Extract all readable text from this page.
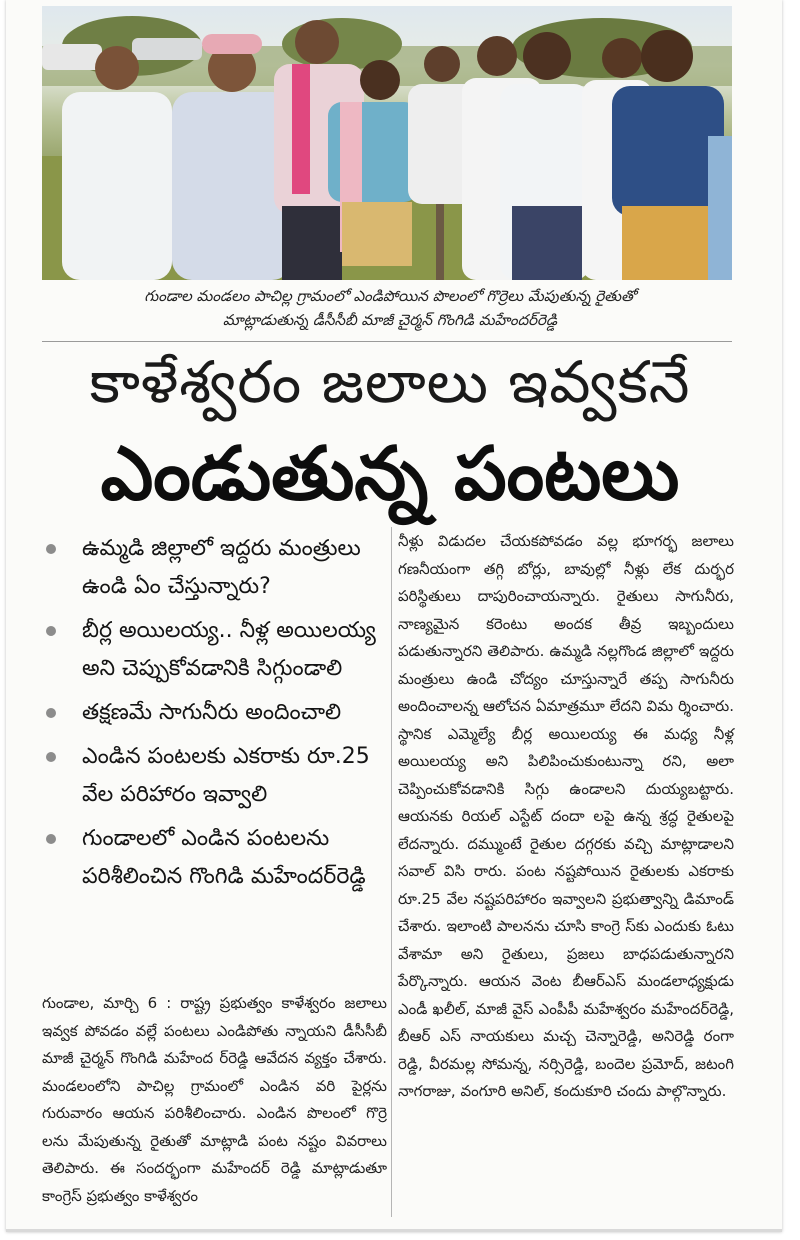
గుండాల మండలం పాచిల్ల గ్రామంలో ఎండిపోయిన పొలంలో గొర్రెలు మేపుతున్న రైతుతో
మాట్లాడుతున్న డీసీసీబీ మాజీ చైర్మన్ గొంగిడి మహేందర్‌రెడ్డి
కాళేశ్వరం జలాలు ఇవ్వకనే
ఎండుతున్న పంటలు
ఉమ్మడి జిల్లాలో ఇద్దరు మంత్రులు ఉండి ఏం చేస్తున్నారు?
బీర్ల అయిలయ్య.. నీళ్ల అయిలయ్య అని చెప్పుకోవడానికి సిగ్గుండాలి
తక్షణమే సాగునీరు అందించాలి
ఎండిన పంటలకు ఎకరాకు రూ.25 వేల పరిహారం ఇవ్వాలి
గుండాలలో ఎండిన పంటలను పరిశీలించిన గొంగిడి మహేందర్‌రెడ్డి

గుండాల, మార్చి 6 : రాష్ట్ర ప్రభుత్వం కాళేశ్వరం జలాలు ఇవ్వక పోవడం వల్లే పంటలు ఎండిపోతు న్నాయని డీసీసీబీ మాజీ చైర్మన్ గొంగిడి మహేంద ర్‌రెడ్డి ఆవేదన వ్యక్తం చేశారు. మండలంలోని పాచిల్ల గ్రామంలో ఎండిన వరి పైర్లను గురువారం ఆయన పరిశీలించారు. ఎండిన పొలంలో గొర్రె లను మేపుతున్న రైతుతో మాట్లాడి పంట నష్టం వివరాలు తెలిపారు. ఈ సందర్భంగా మహేందర్ రెడ్డి మాట్లాడుతూ కాంగ్రెస్ ప్రభుత్వం కాళేశ్వరం

నీళ్లు విడుదల చేయకపోవడం వల్ల భూగర్భ జలాలు గణనీయంగా తగ్గి బోర్లు, బావుల్లో నీళ్లు లేక దుర్భర పరిస్థితులు దాపురించాయన్నారు. రైతులు సాగునీరు, నాణ్యమైన కరెంటు అందక తీవ్ర ఇబ్బందులు పడుతున్నారని తెలిపారు. ఉమ్మడి నల్లగొండ జిల్లాలో ఇద్దరు మంత్రులు ఉండి చోద్యం చూస్తున్నారే తప్ప సాగునీరు అందించాలన్న ఆలోచన ఏమాత్రమూ లేదని విమ ర్శించారు. స్థానిక ఎమ్మెల్యే బీర్ల అయిలయ్య ఈ మధ్య నీళ్ల అయిలయ్య అని పిలిపించుకుంటున్నా రని, అలా చెప్పించుకోవడానికి సిగ్గు ఉండాలని దుయ్యబట్టారు. ఆయనకు రియల్ ఎస్టేట్ దందా లపై ఉన్న శ్రద్ధ రైతులపై లేదన్నారు. దమ్ముంటే రైతుల దగ్గరకు వచ్చి మాట్లాడాలని సవాల్ విసి రారు. పంట నష్టపోయిన రైతులకు ఎకరాకు రూ.25 వేల నష్టపరిహారం ఇవ్వాలని ప్రభుత్వాన్ని డిమాండ్ చేశారు. ఇలాంటి పాలనను చూసి కాంగ్రె స్‌కు ఎందుకు ఓటు వేశామా అని రైతులు, ప్రజలు బాధపడుతున్నారని పేర్కొన్నారు. ఆయన వెంట బీఆర్ఎస్ మండలాధ్యక్షుడు ఎండీ ఖలీల్, మాజీ వైస్ ఎంపీపీ మహేశ్వరం మహేందర్‌రెడ్డి, బీఆర్ ఎస్ నాయకులు మచ్చ చెన్నారెడ్డి, అనిరెడ్డి రంగా రెడ్డి, వీరమల్ల సోమన్న, నర్సిరెడ్డి, బందెల ప్రమోద్, జటంగి నాగరాజు, వంగూరి అనిల్, కందుకూరి చందు పాల్గొన్నారు.
